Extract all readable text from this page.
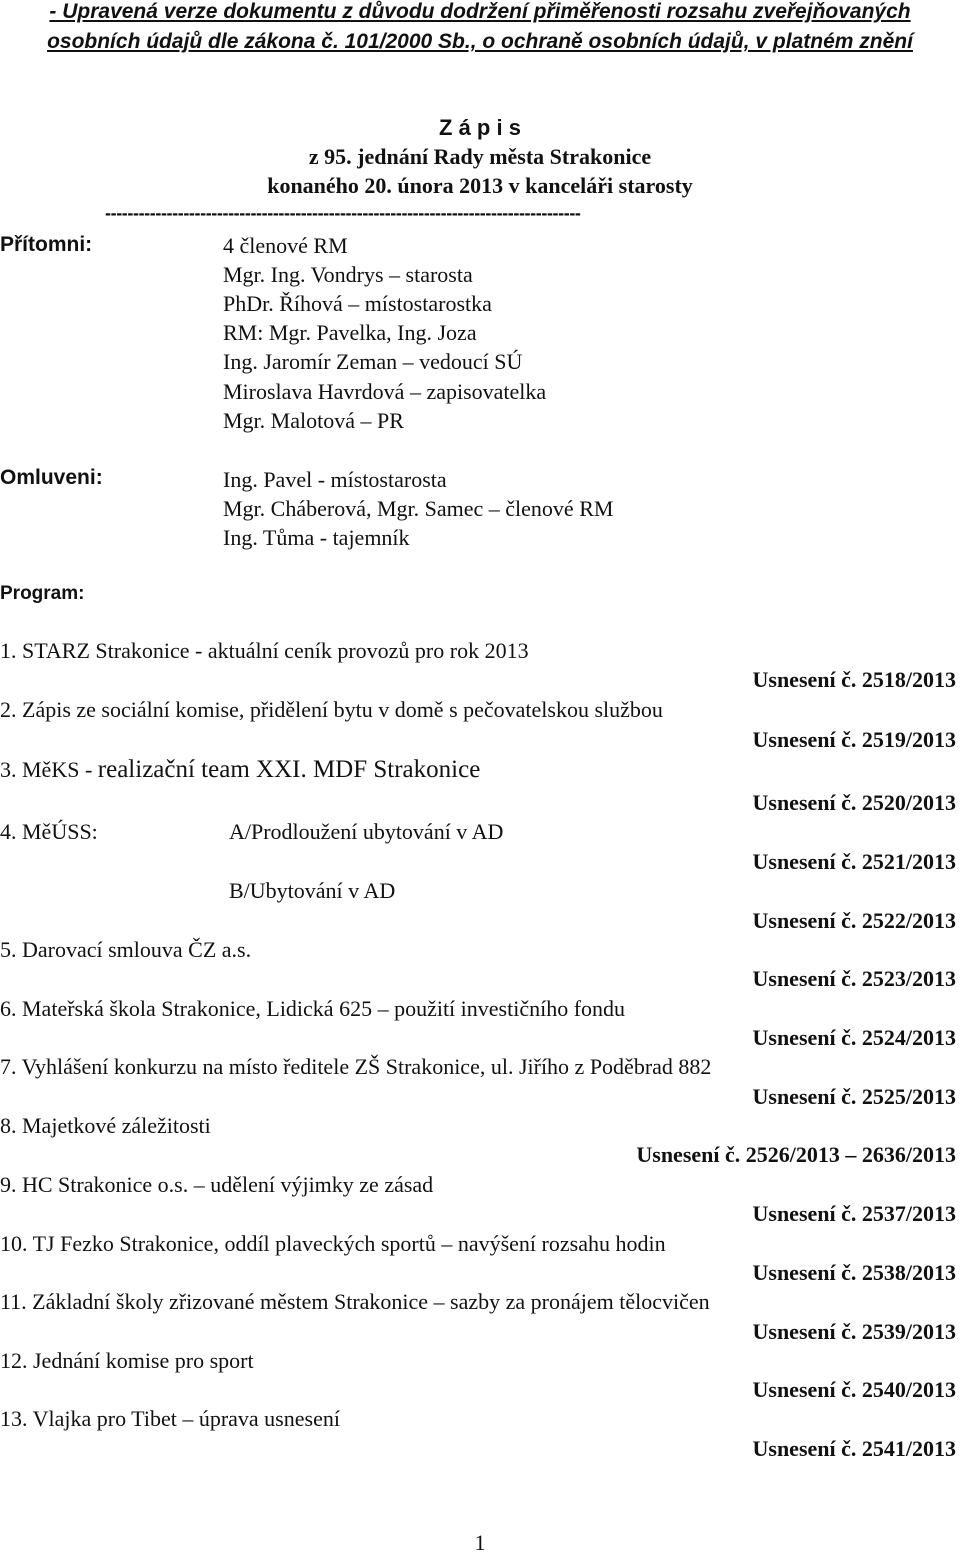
- Upravená verze dokumentu z důvodu dodržení přiměřenosti rozsahu zveřejňovaných
osobních údajů dle zákona č. 101/2000 Sb., o ochraně osobních údajů, v platném znění
Z á p i s
z 95. jednání Rady města Strakonice
konaného 20. února 2013 v kanceláři starosty
-------------------------------------------------------------------------------------
Přítomni:	4 členové RM
Mgr. Ing. Vondrys – starosta
PhDr. Říhová – místostarostka
RM: Mgr. Pavelka, Ing. Joza
Ing. Jaromír Zeman – vedoucí SÚ
Miroslava Havrdová – zapisovatelka
Mgr. Malotová – PR
Omluveni:	Ing. Pavel - místostarosta
Mgr. Cháberová, Mgr. Samec – členové RM
Ing. Tůma - tajemník
Program:
1. STARZ Strakonice - aktuální ceník provozů pro rok 2013
Usnesení č. 2518/2013
2. Zápis ze sociální komise, přidělení bytu v domě s pečovatelskou službou
Usnesení č. 2519/2013
3. MěKS - realizační team XXI. MDF Strakonice
Usnesení č. 2520/2013
4. MěÚSS:	A/Prodloužení ubytování v AD
Usnesení č. 2521/2013
B/Ubytování v AD
Usnesení č. 2522/2013
5. Darovací smlouva ČZ a.s.
Usnesení č. 2523/2013
6. Mateřská škola Strakonice, Lidická 625 – použití investičního fondu
Usnesení č. 2524/2013
7. Vyhlášení konkurzu na místo ředitele ZŠ Strakonice, ul. Jiřího z Poděbrad 882
Usnesení č. 2525/2013
8. Majetkové záležitosti
Usnesení č. 2526/2013 – 2636/2013
9. HC Strakonice o.s. – udělení výjimky ze zásad
Usnesení č. 2537/2013
10. TJ Fezko Strakonice, oddíl plaveckých sportů – navýšení rozsahu hodin
Usnesení č. 2538/2013
11. Základní školy zřizované městem Strakonice – sazby za pronájem tělocvičen
Usnesení č. 2539/2013
12. Jednání komise pro sport
Usnesení č. 2540/2013
13. Vlajka pro Tibet – úprava usnesení
Usnesení č. 2541/2013
1
